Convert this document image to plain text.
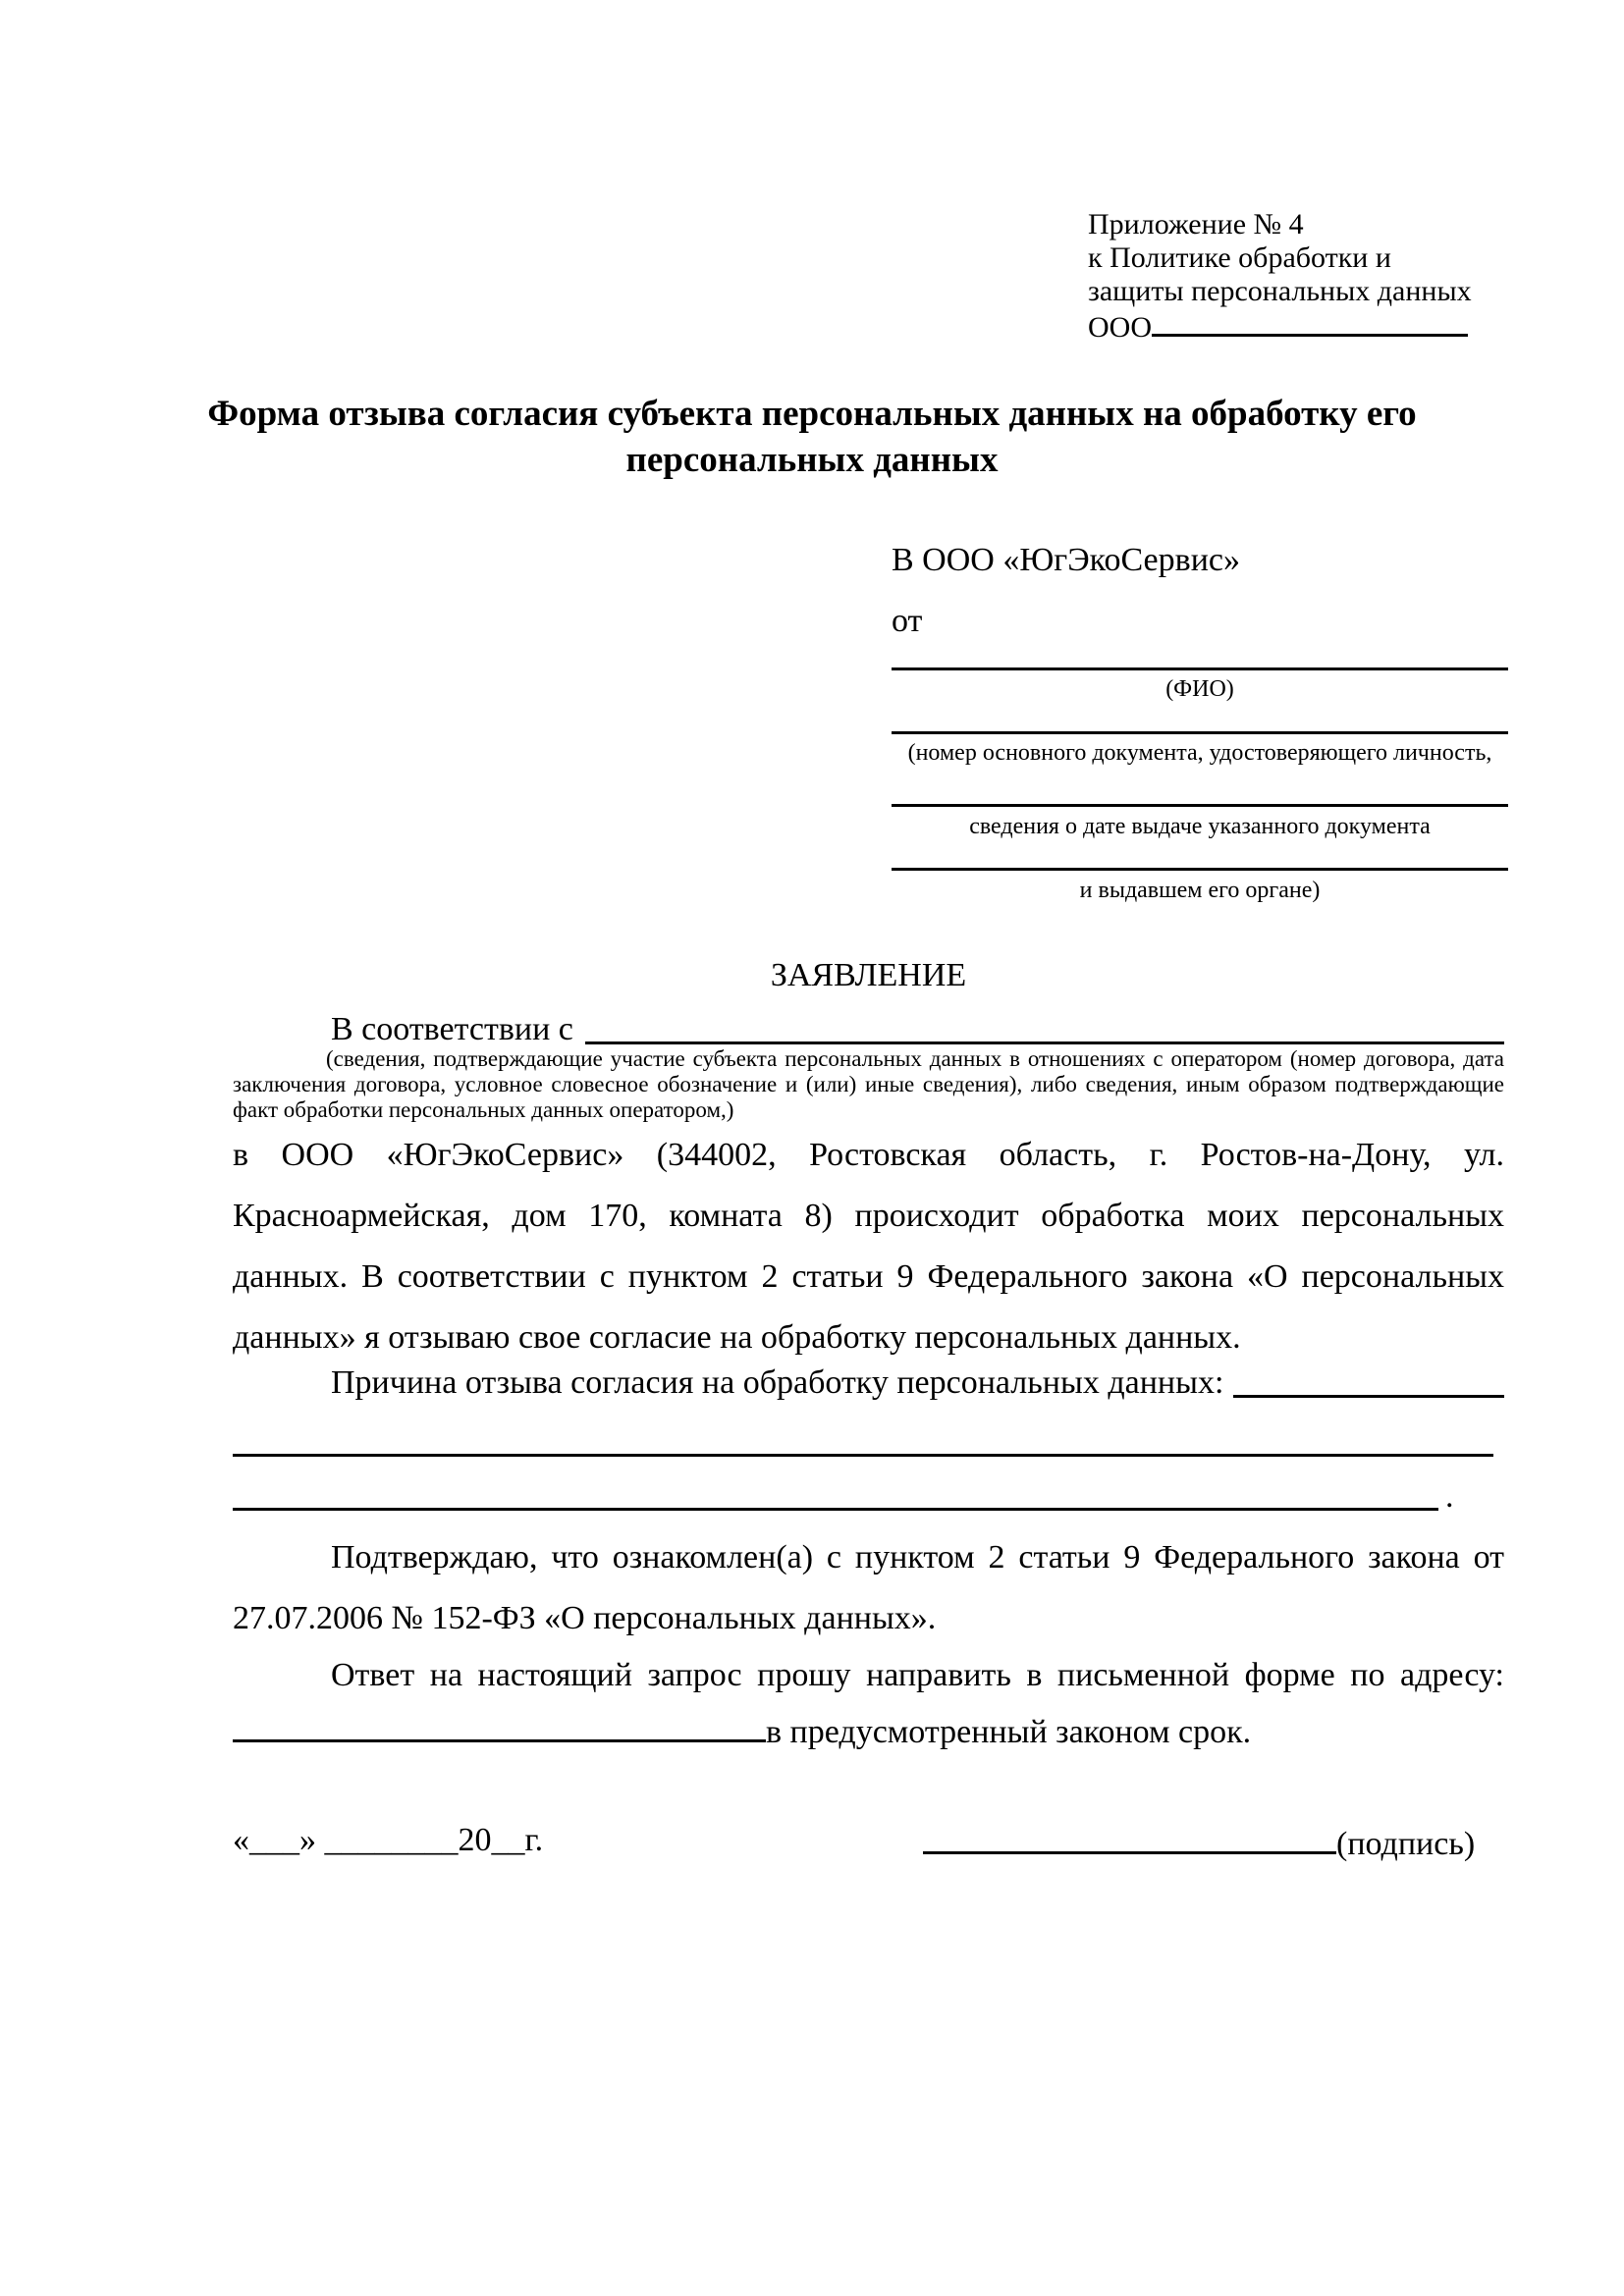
Приложение № 4
к Политике обработки и
защиты персональных данных
ООО
Форма отзыва согласия субъекта персональных данных на обработку его персональных данных
В ООО «ЮгЭкоСервис»
от
(ФИО)
(номер основного документа, удостоверяющего личность,
сведения о дате выдаче указанного документа
и выдавшем его органе)
ЗАЯВЛЕНИЕ
В соответствии с
(сведения, подтверждающие участие субъекта персональных данных в отношениях с оператором (номер договора, дата заключения договора, условное словесное обозначение и (или) иные сведения), либо сведения, иным образом подтверждающие факт обработки персональных данных оператором,)
в ООО «ЮгЭкоСервис» (344002, Ростовская область, г. Ростов-на-Дону, ул. Красноармейская, дом 170, комната 8) происходит обработка моих персональных данных. В соответствии с пунктом 2 статьи 9 Федерального закона «О персональных данных» я отзываю свое согласие на обработку персональных данных.
Причина отзыва согласия на обработку персональных данных:
.
Подтверждаю, что ознакомлен(а) с пунктом 2 статьи 9 Федерального закона от 27.07.2006 № 152-ФЗ «О персональных данных».
Ответ на настоящий запрос прошу направить в письменной форме по адресу:
в предусмотренный законом срок.
«___» ________20__г.	(подпись)
